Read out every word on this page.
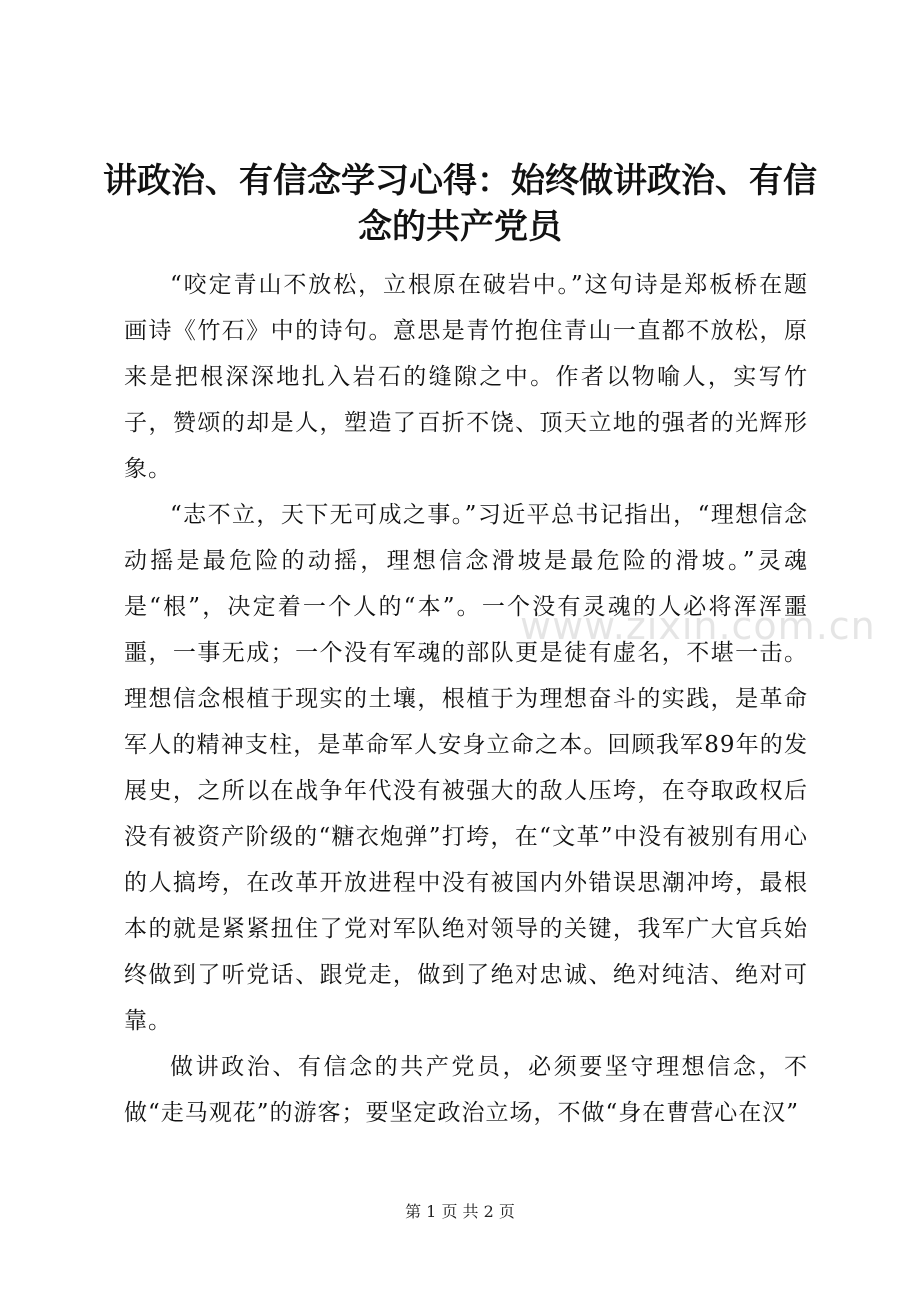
讲政治、有信念学习心得：始终做讲政治、有信念的共产党员

“咬定青山不放松，立根原在破岩中。”这句诗是郑板桥在题画诗《竹石》中的诗句。意思是青竹抱住青山一直都不放松，原来是把根深深地扎入岩石的缝隙之中。作者以物喻人，实写竹子，赞颂的却是人，塑造了百折不饶、顶天立地的强者的光辉形象。

“志不立，天下无可成之事。”习近平总书记指出，“理想信念动摇是最危险的动摇，理想信念滑坡是最危险的滑坡。”灵魂是“根”，决定着一个人的“本”。一个没有灵魂的人必将浑浑噩噩，一事无成；一个没有军魂的部队更是徒有虚名，不堪一击。理想信念根植于现实的土壤，根植于为理想奋斗的实践，是革命军人的精神支柱，是革命军人安身立命之本。回顾我军89年的发展史，之所以在战争年代没有被强大的敌人压垮，在夺取政权后没有被资产阶级的“糖衣炮弹”打垮，在“文革”中没有被别有用心的人搞垮，在改革开放进程中没有被国内外错误思潮冲垮，最根本的就是紧紧扭住了党对军队绝对领导的关键，我军广大官兵始终做到了听党话、跟党走，做到了绝对忠诚、绝对纯洁、绝对可靠。

做讲政治、有信念的共产党员，必须要坚守理想信念，不做“走马观花”的游客；要坚定政治立场，不做“身在曹营心在汉”

www.zixin.com.cn
第 1 页 共 2 页
